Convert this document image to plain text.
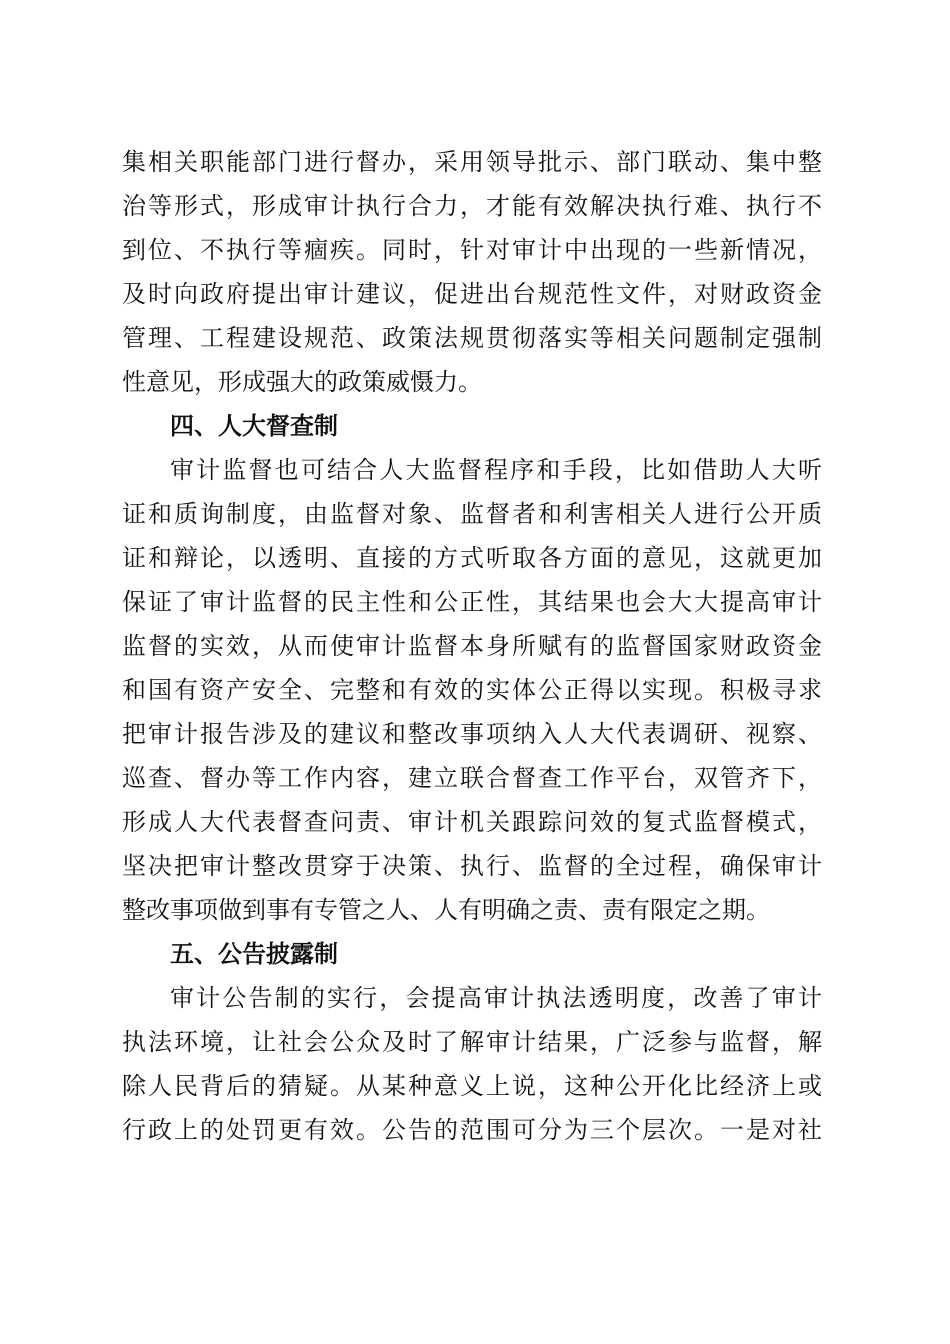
集相关职能部门进行督办，采用领导批示、部门联动、集中整
治等形式，形成审计执行合力，才能有效解决执行难、执行不
到位、不执行等痼疾。同时，针对审计中出现的一些新情况，
及时向政府提出审计建议，促进出台规范性文件，对财政资金
管理、工程建设规范、政策法规贯彻落实等相关问题制定强制
性意见，形成强大的政策威慑力。
四、人大督查制
审计监督也可结合人大监督程序和手段，比如借助人大听
证和质询制度，由监督对象、监督者和利害相关人进行公开质
证和辩论，以透明、直接的方式听取各方面的意见，这就更加
保证了审计监督的民主性和公正性，其结果也会大大提高审计
监督的实效，从而使审计监督本身所赋有的监督国家财政资金
和国有资产安全、完整和有效的实体公正得以实现。积极寻求
把审计报告涉及的建议和整改事项纳入人大代表调研、视察、
巡查、督办等工作内容，建立联合督查工作平台，双管齐下，
形成人大代表督查问责、审计机关跟踪问效的复式监督模式，
坚决把审计整改贯穿于决策、执行、监督的全过程，确保审计
整改事项做到事有专管之人、人有明确之责、责有限定之期。
五、公告披露制
审计公告制的实行，会提高审计执法透明度，改善了审计
执法环境，让社会公众及时了解审计结果，广泛参与监督，解
除人民背后的猜疑。从某种意义上说，这种公开化比经济上或
行政上的处罚更有效。公告的范围可分为三个层次。一是对社
